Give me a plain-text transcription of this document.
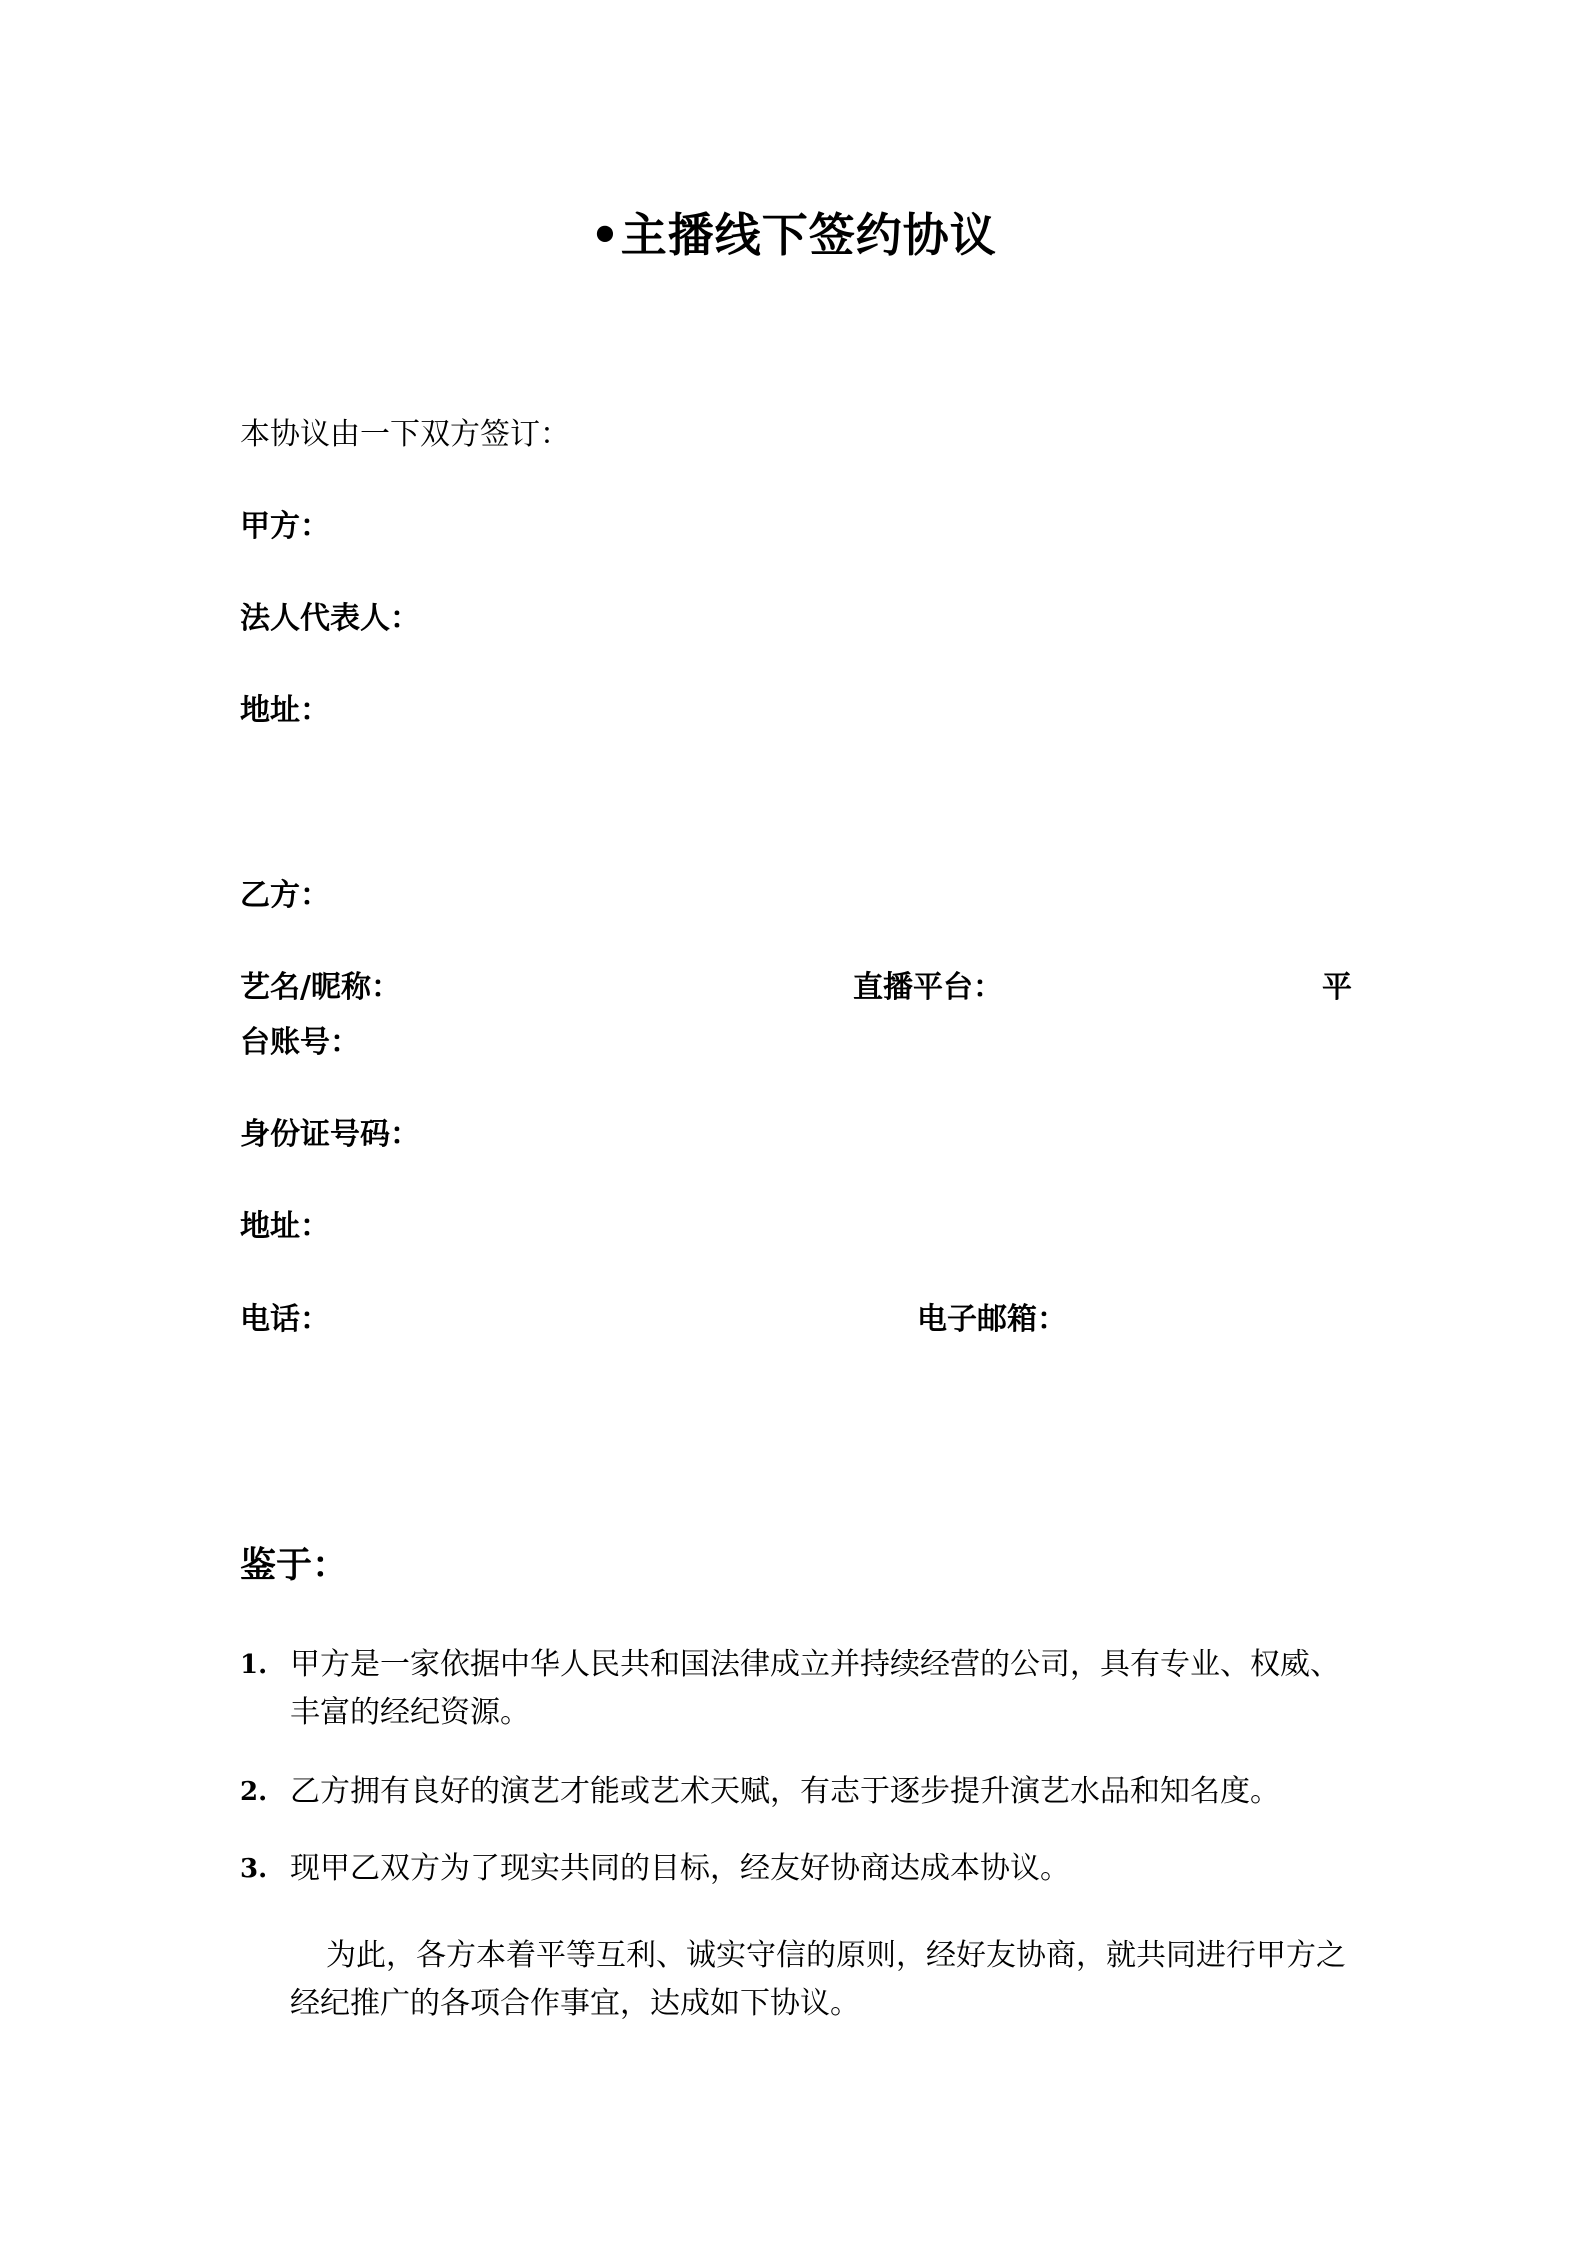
•主播线下签约协议
本协议由一下双方签订：
甲方：
法人代表人：
地址：
乙方：
艺名/昵称：	直播平台：	平
台账号：
身份证号码：
地址：
电话：	电子邮箱：
鉴于：
1. 甲方是一家依据中华人民共和国法律成立并持续经营的公司，具有专业、权威、丰富的经纪资源。
2. 乙方拥有良好的演艺才能或艺术天赋，有志于逐步提升演艺水品和知名度。
3. 现甲乙双方为了现实共同的目标，经友好协商达成本协议。
为此，各方本着平等互利、诚实守信的原则，经好友协商，就共同进行甲方之经纪推广的各项合作事宜，达成如下协议。
